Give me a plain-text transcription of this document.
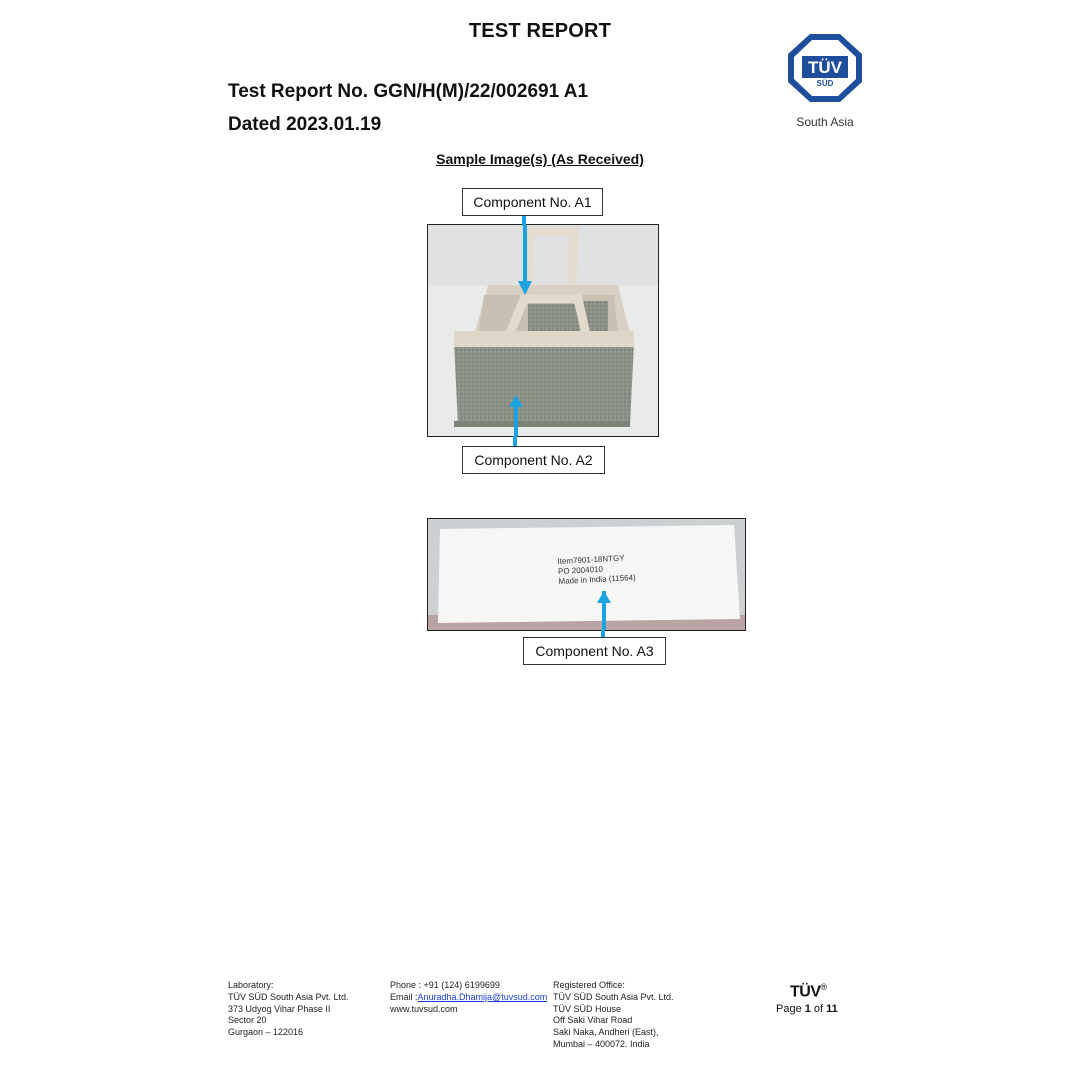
TEST REPORT
Test Report No. GGN/H(M)/22/002691 A1
Dated 2023.01.19
TÜV
SÜD
South Asia
Sample Image(s) (As Received)
Component No. A1
Component No. A2
Item7901-18NTGY
PO 2004010
Made in India (11564)
Component No. A3
Laboratory:
TÜV SÜD South Asia Pvt. Ltd.
373 Udyog Vihar Phase II
Sector 20
Gurgaon – 122016
Phone : +91 (124) 6199699
Email :Anuradha.Dhamija@tuvsud.com
www.tuvsud.com
Registered Office:
TÜV SÜD South Asia Pvt. Ltd.
TÜV SÜD House
Off Saki Vihar Road
Saki Naka, Andheri (East),
Mumbai – 400072. India
TÜV®
Page 1 of 11
